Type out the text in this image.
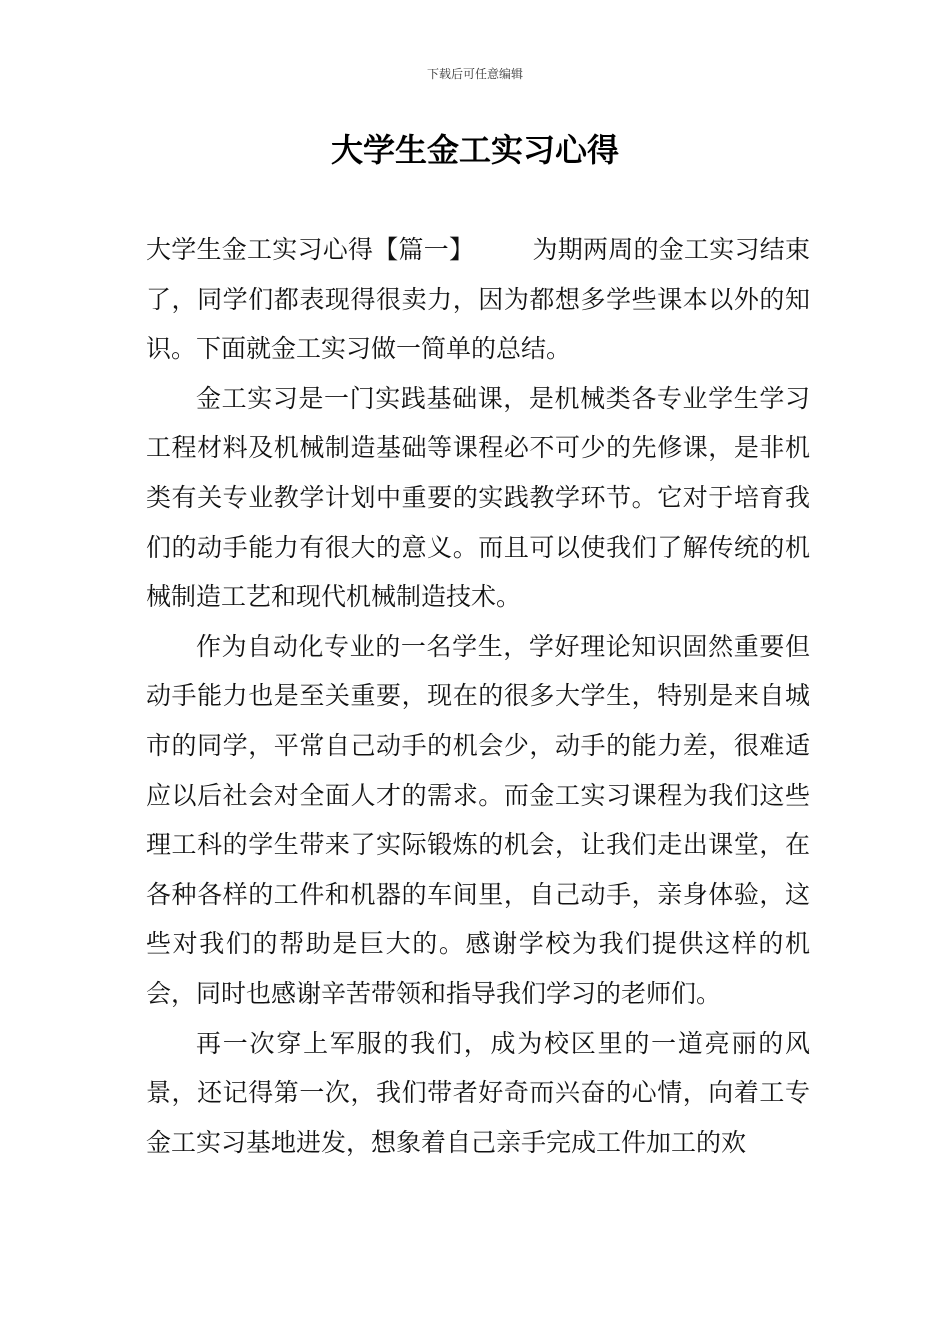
下载后可任意编辑
大学生金工实习心得

大学生金工实习心得【篇一】 为期两周的金工实习结束了，同学们都表现得很卖力，因为都想多学些课本以外的知识。下面就金工实习做一简单的总结。

金工实习是一门实践基础课，是机械类各专业学生学习工程材料及机械制造基础等课程必不可少的先修课，是非机类有关专业教学计划中重要的实践教学环节。它对于培育我们的动手能力有很大的意义。而且可以使我们了解传统的机械制造工艺和现代机械制造技术。

作为自动化专业的一名学生，学好理论知识固然重要但动手能力也是至关重要，现在的很多大学生，特别是来自城市的同学，平常自己动手的机会少，动手的能力差，很难适应以后社会对全面人才的需求。而金工实习课程为我们这些理工科的学生带来了实际锻炼的机会，让我们走出课堂，在各种各样的工件和机器的车间里，自己动手，亲身体验，这些对我们的帮助是巨大的。感谢学校为我们提供这样的机会，同时也感谢辛苦带领和指导我们学习的老师们。

再一次穿上军服的我们，成为校区里的一道亮丽的风景，还记得第一次，我们带者好奇而兴奋的心情，向着工专金工实习基地进发，想象着自己亲手完成工件加工的欢
